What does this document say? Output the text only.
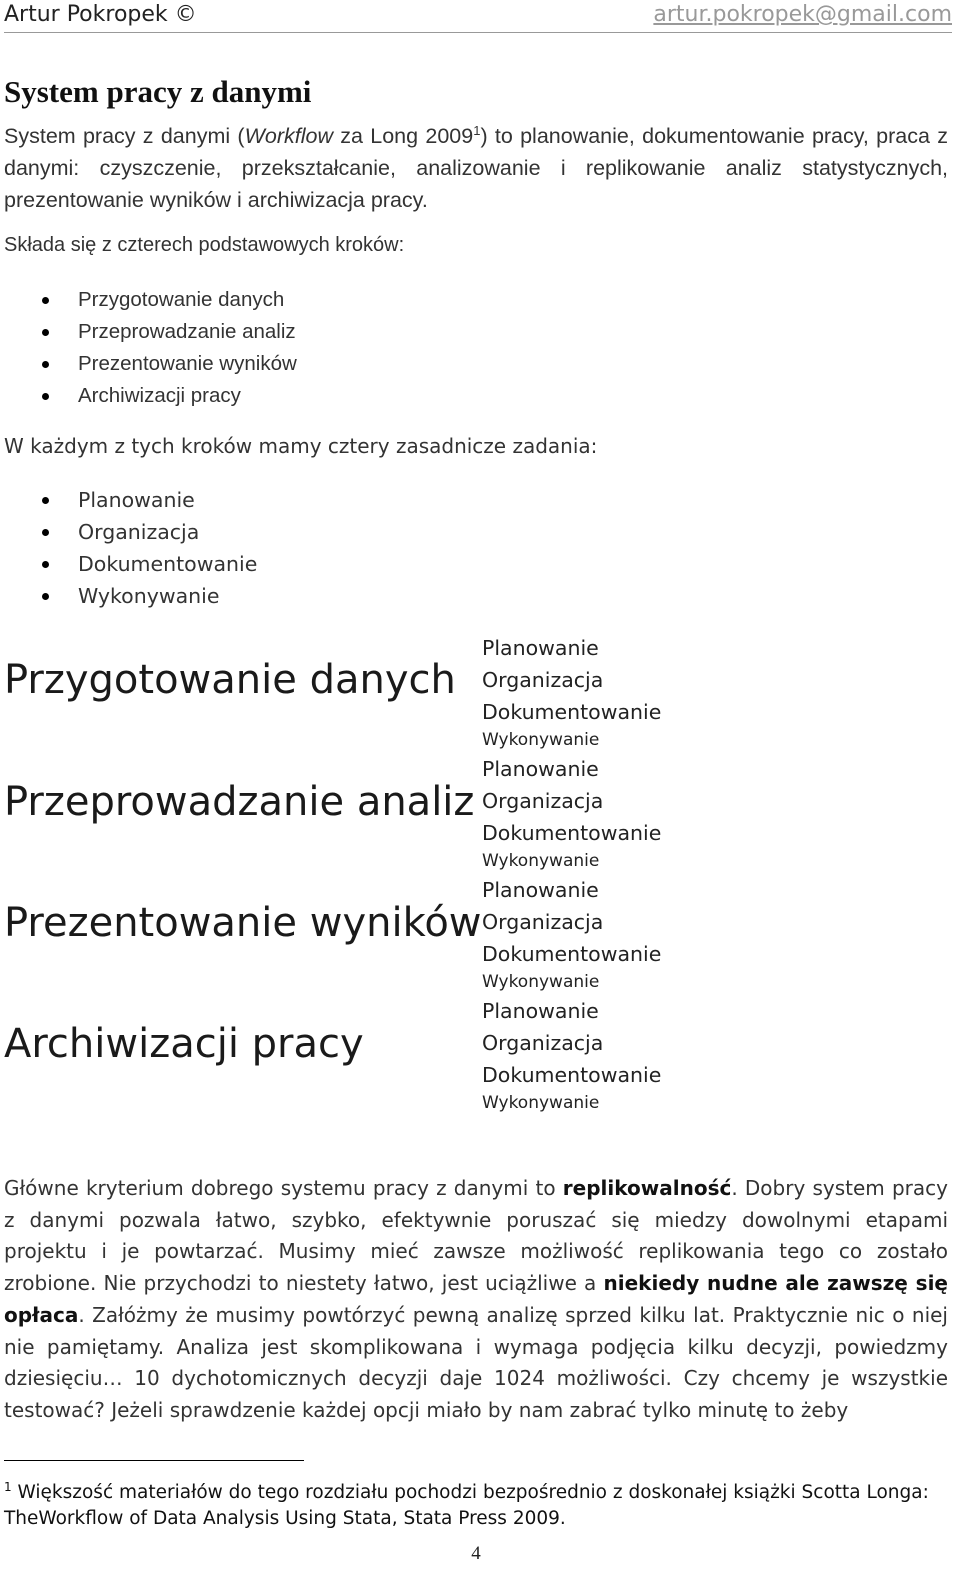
Artur Pokropek ©	artur.pokropek@gmail.com
System pracy z danymi
System pracy z danymi (Workflow za Long 2009$^1$) to planowanie, dokumentowanie pracy, praca z danymi: czyszczenie, przekształcanie, analizowanie i replikowanie analiz statystycznych, prezentowanie wyników i archiwizacja pracy.
Składa się z czterech podstawowych kroków:
Przygotowanie danych
Przeprowadzanie analiz
Prezentowanie wyników
Archiwizacji pracy
W każdym z tych kroków mamy cztery zasadnicze zadania:
Planowanie
Organizacja
Dokumentowanie
Wykonywanie
Przygotowanie danych
Przeprowadzanie analiz
Prezentowanie wyników
Archiwizacji pracy
Planowanie
Organizacja
Dokumentowanie
Wykonywanie
Planowanie
Organizacja
Dokumentowanie
Wykonywanie
Planowanie
Organizacja
Dokumentowanie
Wykonywanie
Planowanie
Organizacja
Dokumentowanie
Wykonywanie
Główne kryterium dobrego systemu pracy z danymi to replikowalność. Dobry system pracy z danymi pozwala łatwo, szybko, efektywnie poruszać się miedzy dowolnymi etapami projektu i je powtarzać. Musimy mieć zawsze możliwość replikowania tego co zostało zrobione. Nie przychodzi to niestety łatwo, jest uciążliwe a niekiedy nudne ale zawszę się opłaca. Załóżmy że musimy powtórzyć pewną analizę sprzed kilku lat. Praktycznie nic o niej nie pamiętamy. Analiza jest skomplikowana i wymaga podjęcia kilku decyzji, powiedzmy dziesięciu… 10 dychotomicznych decyzji daje 1024 możliwości. Czy chcemy je wszystkie testować? Jeżeli sprawdzenie każdej opcji miało by nam zabrać tylko minutę to żeby
$^1$ Większość materiałów do tego rozdziału pochodzi bezpośrednio z doskonałej książki Scotta Longa: TheWorkflow of Data Analysis Using Stata, Stata Press 2009.
4
